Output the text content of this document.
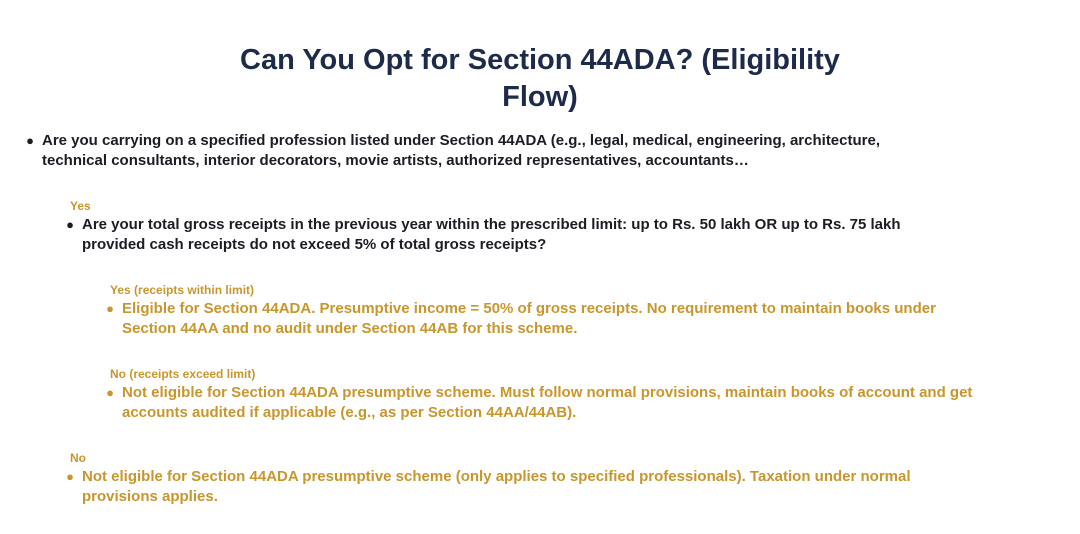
Can You Opt for Section 44ADA? (Eligibility
Flow)
● Are you carrying on a specified profession listed under Section 44ADA (e.g., legal, medical, engineering, architecture, technical consultants, interior decorators, movie artists, authorized representatives, accountants…
Yes
● Are your total gross receipts in the previous year within the prescribed limit: up to Rs. 50 lakh OR up to Rs. 75 lakh provided cash receipts do not exceed 5% of total gross receipts?
Yes (receipts within limit)
● Eligible for Section 44ADA. Presumptive income = 50% of gross receipts. No requirement to maintain books under Section 44AA and no audit under Section 44AB for this scheme.
No (receipts exceed limit)
● Not eligible for Section 44ADA presumptive scheme. Must follow normal provisions, maintain books of account and get accounts audited if applicable (e.g., as per Section 44AA/44AB).
No
● Not eligible for Section 44ADA presumptive scheme (only applies to specified professionals). Taxation under normal provisions applies.
